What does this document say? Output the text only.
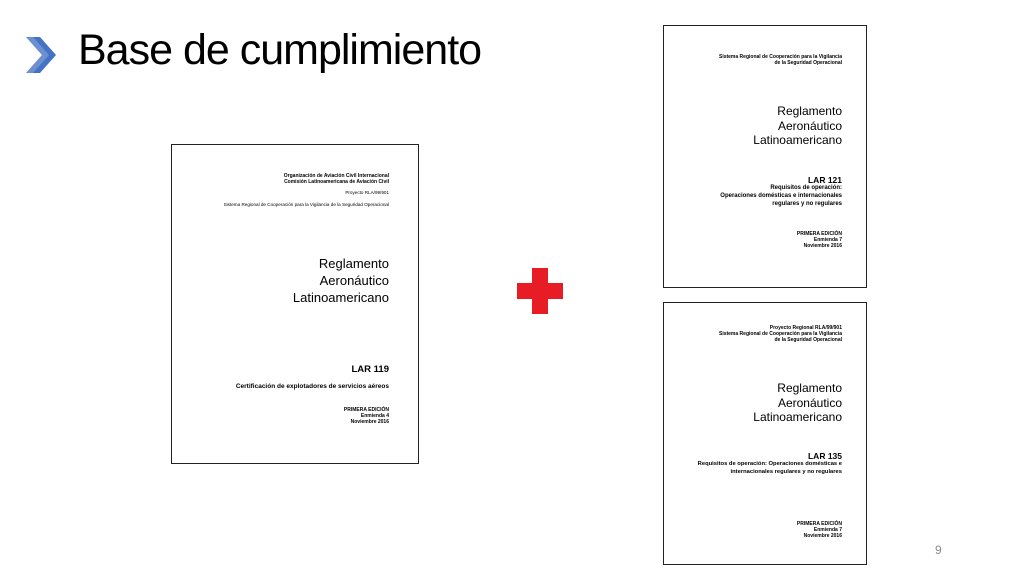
Base de cumplimiento
Organización de Aviación Civil Internacional
Comisión Latinoamericana de Aviación Civil
Proyecto RLA/99/901
Sistema Regional de Cooperación para la Vigilancia de la Seguridad Operacional
Reglamento
Aeronáutico
Latinoamericano
LAR 119
Certificación de explotadores de servicios aéreos
PRIMERA EDICIÓN
Enmienda 4
Noviembre 2016
Sistema Regional de Cooperación para la Vigilancia
de la Seguridad Operacional
Reglamento
Aeronáutico
Latinoamericano
LAR 121
Requisitos de operación:
Operaciones domésticas e internacionales
regulares y no regulares
PRIMERA EDICIÓN
Enmienda 7
Noviembre 2016
Proyecto Regional RLA/99/901
Sistema Regional de Cooperación para la Vigilancia
de la Seguridad Operacional
Reglamento
Aeronáutico
Latinoamericano
LAR 135
Requisitos de operación: Operaciones domésticas e
internacionales regulares y no regulares
PRIMERA EDICIÓN
Enmienda 7
Noviembre 2016
9
